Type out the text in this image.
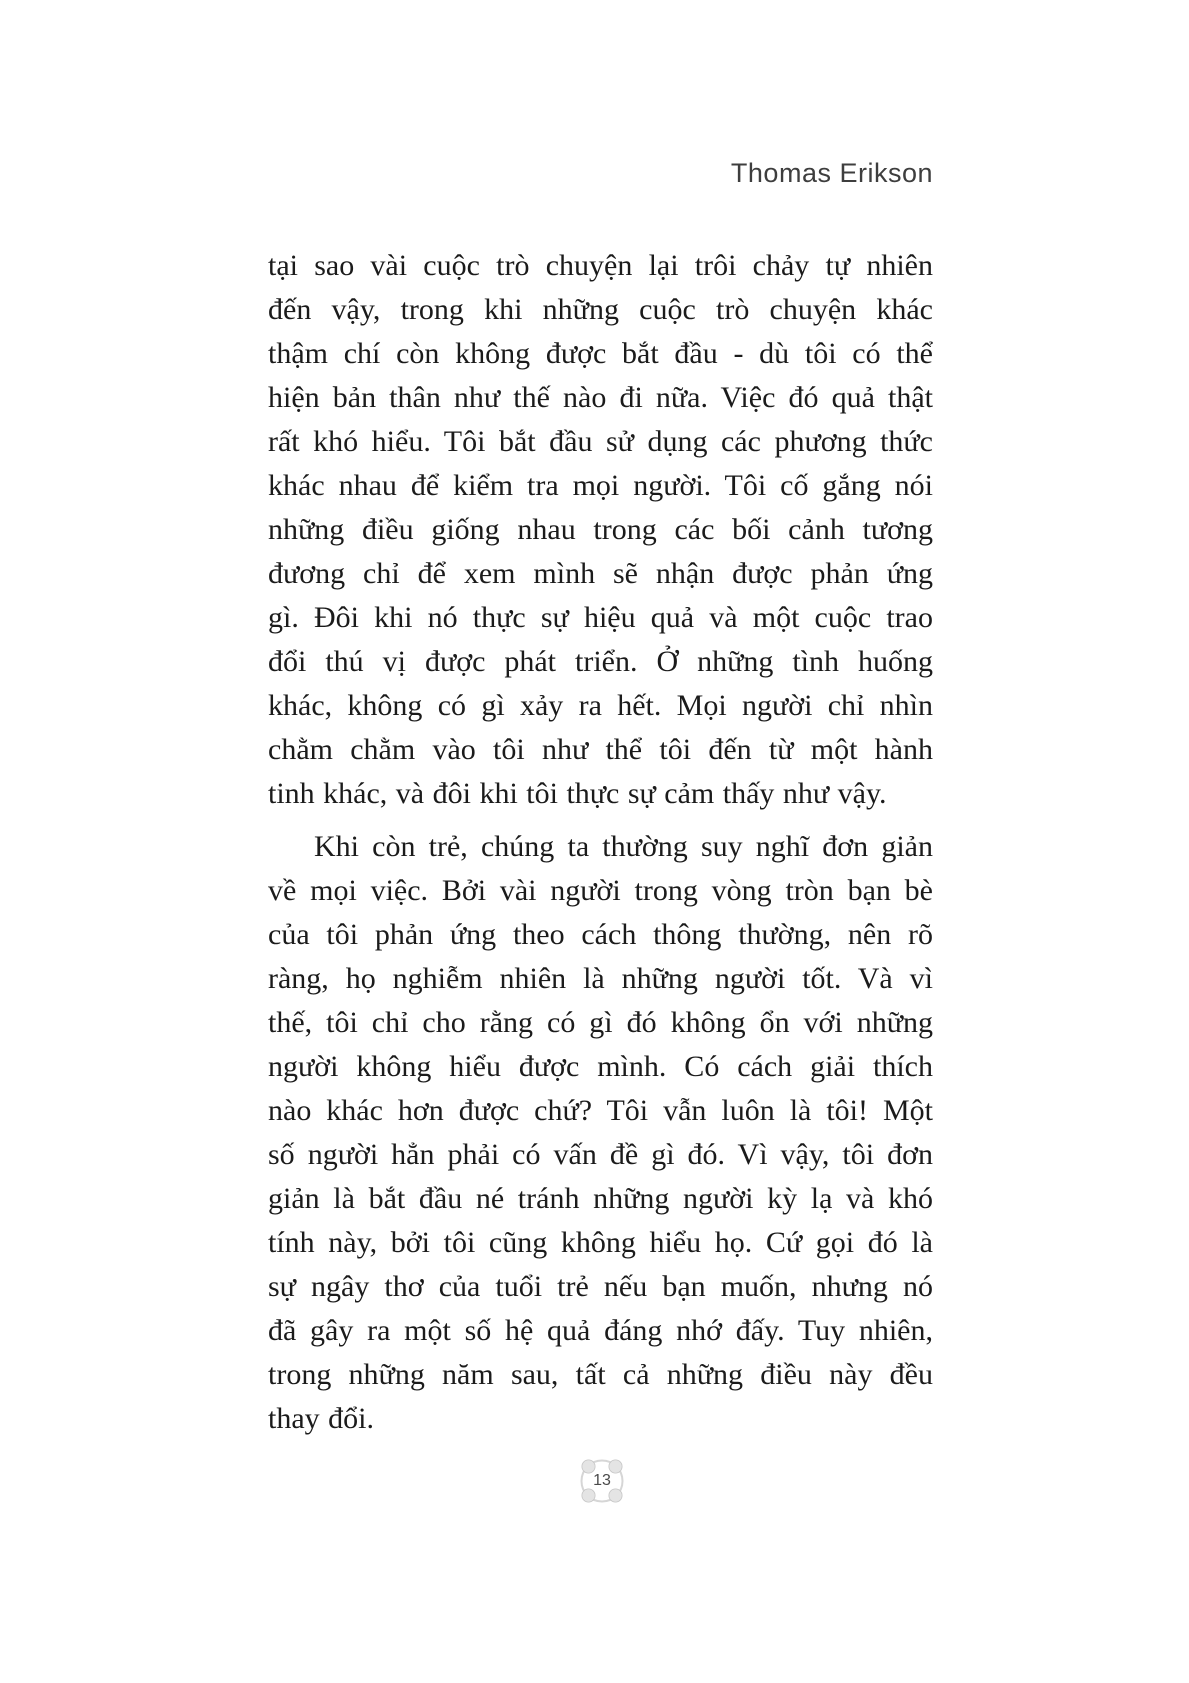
Thomas Erikson
tại sao vài cuộc trò chuyện lại trôi chảy tự nhiên
đến vậy, trong khi những cuộc trò chuyện khác
thậm chí còn không được bắt đầu - dù tôi có thể
hiện bản thân như thế nào đi nữa. Việc đó quả thật
rất khó hiểu. Tôi bắt đầu sử dụng các phương thức
khác nhau để kiểm tra mọi người. Tôi cố gắng nói
những điều giống nhau trong các bối cảnh tương
đương chỉ để xem mình sẽ nhận được phản ứng
gì. Đôi khi nó thực sự hiệu quả và một cuộc trao
đổi thú vị được phát triển. Ở những tình huống
khác, không có gì xảy ra hết. Mọi người chỉ nhìn
chằm chằm vào tôi như thể tôi đến từ một hành
tinh khác, và đôi khi tôi thực sự cảm thấy như vậy.
Khi còn trẻ, chúng ta thường suy nghĩ đơn giản
về mọi việc. Bởi vài người trong vòng tròn bạn bè
của tôi phản ứng theo cách thông thường, nên rõ
ràng, họ nghiễm nhiên là những người tốt. Và vì
thế, tôi chỉ cho rằng có gì đó không ổn với những
người không hiểu được mình. Có cách giải thích
nào khác hơn được chứ? Tôi vẫn luôn là tôi! Một
số người hẳn phải có vấn đề gì đó. Vì vậy, tôi đơn
giản là bắt đầu né tránh những người kỳ lạ và khó
tính này, bởi tôi cũng không hiểu họ. Cứ gọi đó là
sự ngây thơ của tuổi trẻ nếu bạn muốn, nhưng nó
đã gây ra một số hệ quả đáng nhớ đấy. Tuy nhiên,
trong những năm sau, tất cả những điều này đều
thay đổi.
13
